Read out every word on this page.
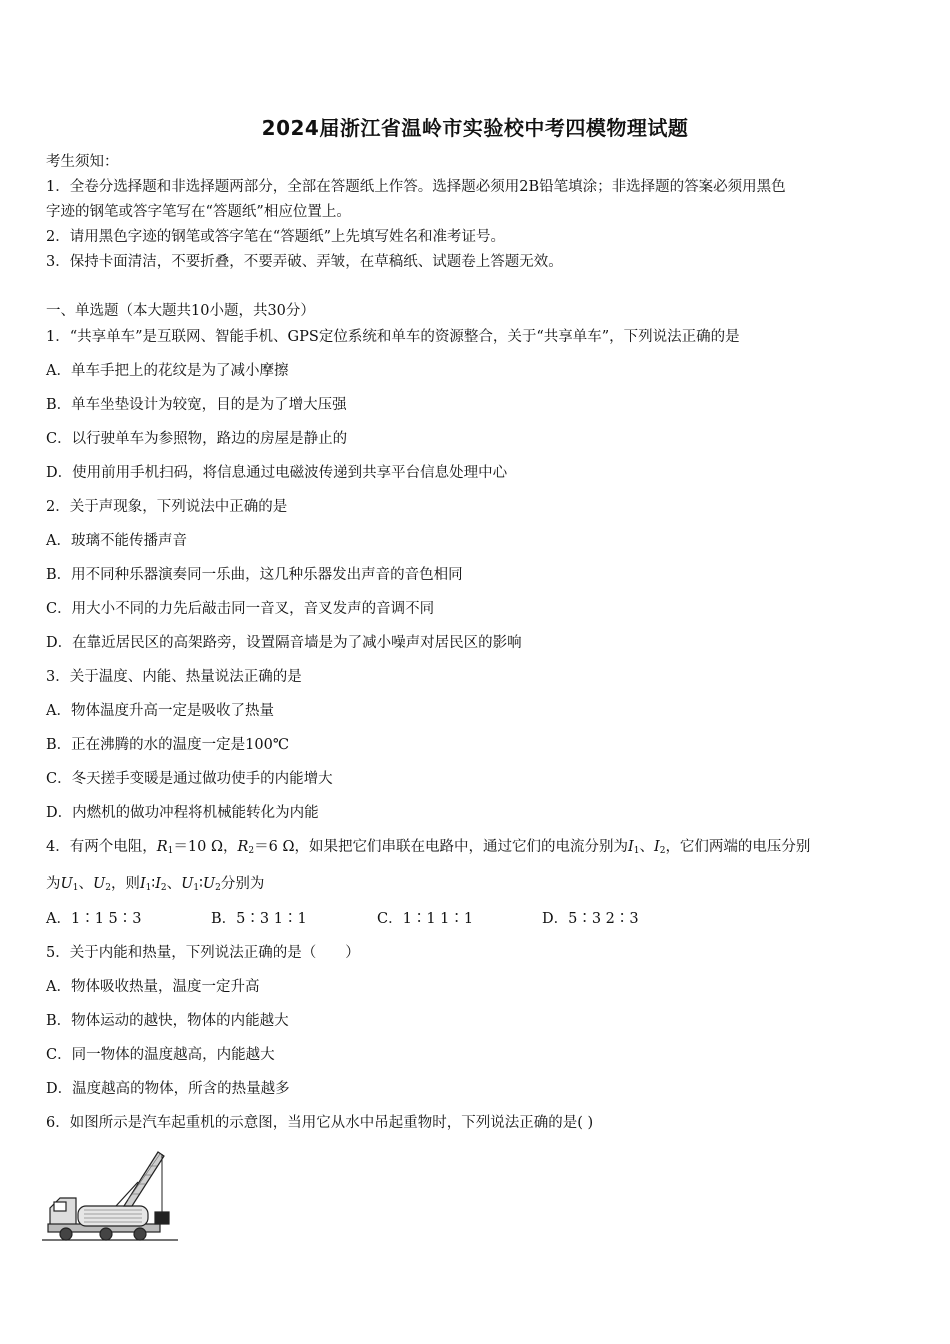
2024届浙江省温岭市实验校中考四模物理试题
考生须知：
1．全卷分选择题和非选择题两部分，全部在答题纸上作答。选择题必须用2B铅笔填涂；非选择题的答案必须用黑色
字迹的钢笔或答字笔写在“答题纸”相应位置上。
2．请用黑色字迹的钢笔或答字笔在“答题纸”上先填写姓名和准考证号。
3．保持卡面清洁，不要折叠，不要弄破、弄皱，在草稿纸、试题卷上答题无效。
一、单选题（本大题共10小题，共30分）
1．“共享单车”是互联网、智能手机、GPS定位系统和单车的资源整合，关于“共享单车”，下列说法正确的是
A．单车手把上的花纹是为了减小摩擦
B．单车坐垫设计为较宽，目的是为了增大压强
C．以行驶单车为参照物，路边的房屋是静止的
D．使用前用手机扫码，将信息通过电磁波传递到共享平台信息处理中心
2．关于声现象，下列说法中正确的是
A．玻璃不能传播声音
B．用不同种乐器演奏同一乐曲，这几种乐器发出声音的音色相同
C．用大小不同的力先后敲击同一音叉，音叉发声的音调不同
D．在靠近居民区的高架路旁，设置隔音墙是为了减小噪声对居民区的影响
3．关于温度、内能、热量说法正确的是
A．物体温度升高一定是吸收了热量
B．正在沸腾的水的温度一定是100℃
C．冬天搓手变暖是通过做功使手的内能增大
D．内燃机的做功冲程将机械能转化为内能
4．有两个电阻，$R_1=10$ Ω，$R_2=6$ Ω，如果把它们串联在电路中，通过它们的电流分别为$I_1$、$I_2$，它们两端的电压分别
为$U_1$、$U_2$，则$I_1∶I_2$、$U_1∶U_2$分别为
A．1∶1 5∶3	B．5∶3 1∶1	C．1∶1 1∶1	D．5∶3 2∶3
5．关于内能和热量，下列说法正确的是（　　）
A．物体吸收热量，温度一定升高
B．物体运动的越快，物体的内能越大
C．同一物体的温度越高，内能越大
D．温度越高的物体，所含的热量越多
6．如图所示是汽车起重机的示意图，当用它从水中吊起重物时，下列说法正确的是( )
